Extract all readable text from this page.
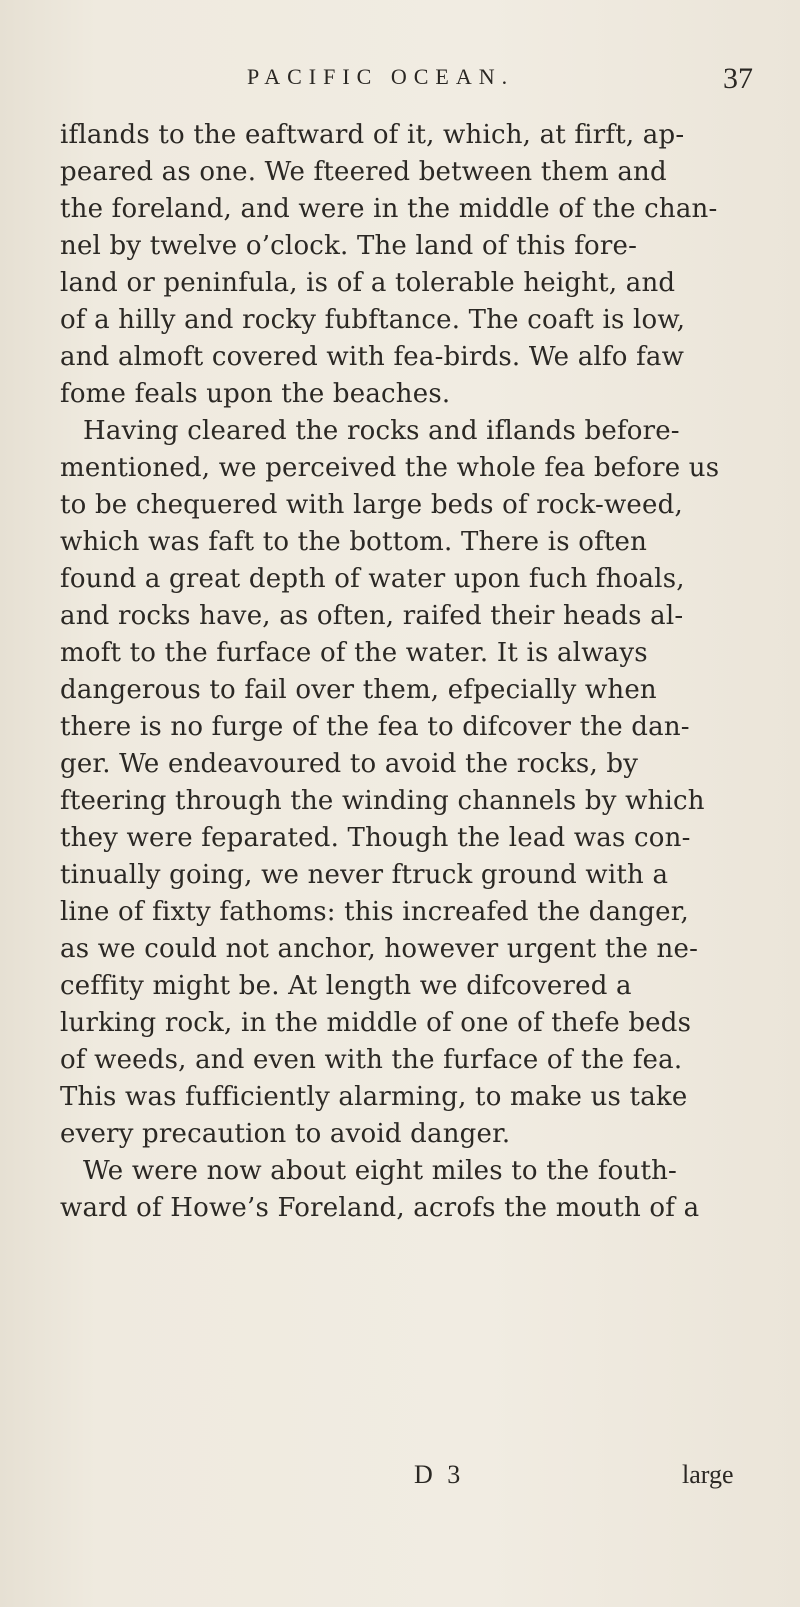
PACIFIC OCEAN.	37
iflands to the eaftward of it, which, at firft, ap-
peared as one. We fteered between them and
the foreland, and were in the middle of the chan-
nel by twelve o’clock. The land of this fore-
land or peninfula, is of a tolerable height, and
of a hilly and rocky fubftance. The coaft is low,
and almoft covered with fea-birds. We alfo faw
fome feals upon the beaches.
Having cleared the rocks and iflands before-
mentioned, we perceived the whole fea before us
to be chequered with large beds of rock-weed,
which was faft to the bottom. There is often
found a great depth of water upon fuch fhoals,
and rocks have, as often, raifed their heads al-
moft to the furface of the water. It is always
dangerous to fail over them, efpecially when
there is no furge of the fea to difcover the dan-
ger. We endeavoured to avoid the rocks, by
fteering through the winding channels by which
they were feparated. Though the lead was con-
tinually going, we never ftruck ground with a
line of fixty fathoms: this increafed the danger,
as we could not anchor, however urgent the ne-
ceffity might be. At length we difcovered a
lurking rock, in the middle of one of thefe beds
of weeds, and even with the furface of the fea.
This was fufficiently alarming, to make us take
every precaution to avoid danger.
We were now about eight miles to the fouth-
ward of Howe’s Foreland, acrofs the mouth of a
D 3	large
